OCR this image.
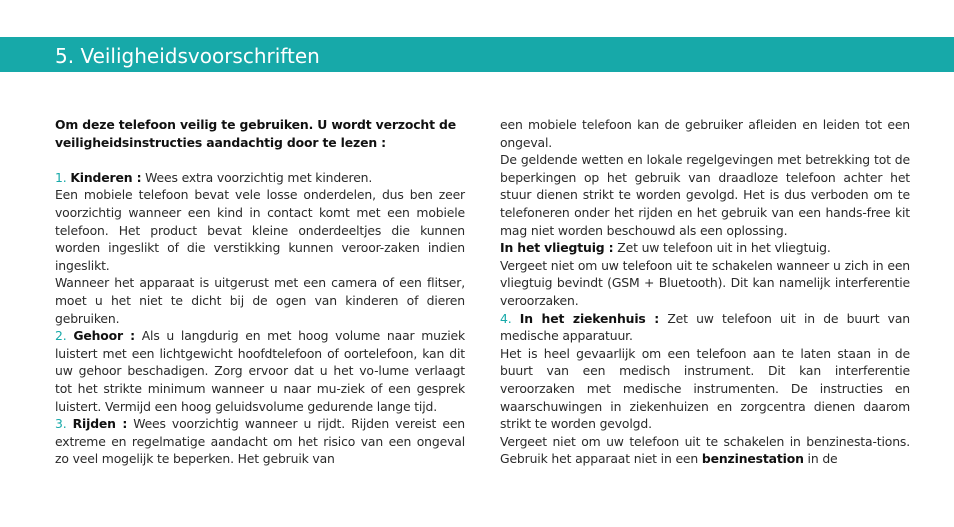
5. Veiligheidsvoorschriften

Om deze telefoon veilig te gebruiken. U wordt verzocht de veiligheidsinstructies aandachtig door te lezen :

1. Kinderen : Wees extra voorzichtig met kinderen.

Een mobiele telefoon bevat vele losse onderdelen, dus ben zeer voorzichtig wanneer een kind in contact komt met een mobiele telefoon. Het product bevat kleine onderdeeltjes die kunnen worden ingeslikt of die verstikking kunnen veroor-zaken indien ingeslikt.

Wanneer het apparaat is uitgerust met een camera of een flitser, moet u het niet te dicht bij de ogen van kinderen of dieren gebruiken.

2. Gehoor : Als u langdurig en met hoog volume naar muziek luistert met een lichtgewicht hoofdtelefoon of oortelefoon, kan dit uw gehoor beschadigen. Zorg ervoor dat u het vo-lume verlaagt tot het strikte minimum wanneer u naar mu-ziek of een gesprek luistert. Vermijd een hoog geluidsvolume gedurende lange tijd.

3. Rijden : Wees voorzichtig wanneer u rijdt. Rijden vereist een extreme en regelmatige aandacht om het risico van een ongeval zo veel mogelijk te beperken. Het gebruik van

een mobiele telefoon kan de gebruiker afleiden en leiden tot een ongeval.

De geldende wetten en lokale regelgevingen met betrekking tot de beperkingen op het gebruik van draadloze telefoon achter het stuur dienen strikt te worden gevolgd. Het is dus verboden om te telefoneren onder het rijden en het gebruik van een hands-free kit mag niet worden beschouwd als een oplossing.

In het vliegtuig : Zet uw telefoon uit in het vliegtuig.

Vergeet niet om uw telefoon uit te schakelen wanneer u zich in een vliegtuig bevindt (GSM + Bluetooth). Dit kan namelijk interferentie veroorzaken.

4. In het ziekenhuis : Zet uw telefoon uit in de buurt van medische apparatuur.

Het is heel gevaarlijk om een telefoon aan te laten staan in de buurt van een medisch instrument. Dit kan interferentie veroorzaken met medische instrumenten. De instructies en waarschuwingen in ziekenhuizen en zorgcentra dienen daarom strikt te worden gevolgd.

Vergeet niet om uw telefoon uit te schakelen in benzinesta-tions. Gebruik het apparaat niet in een benzinestation in de
